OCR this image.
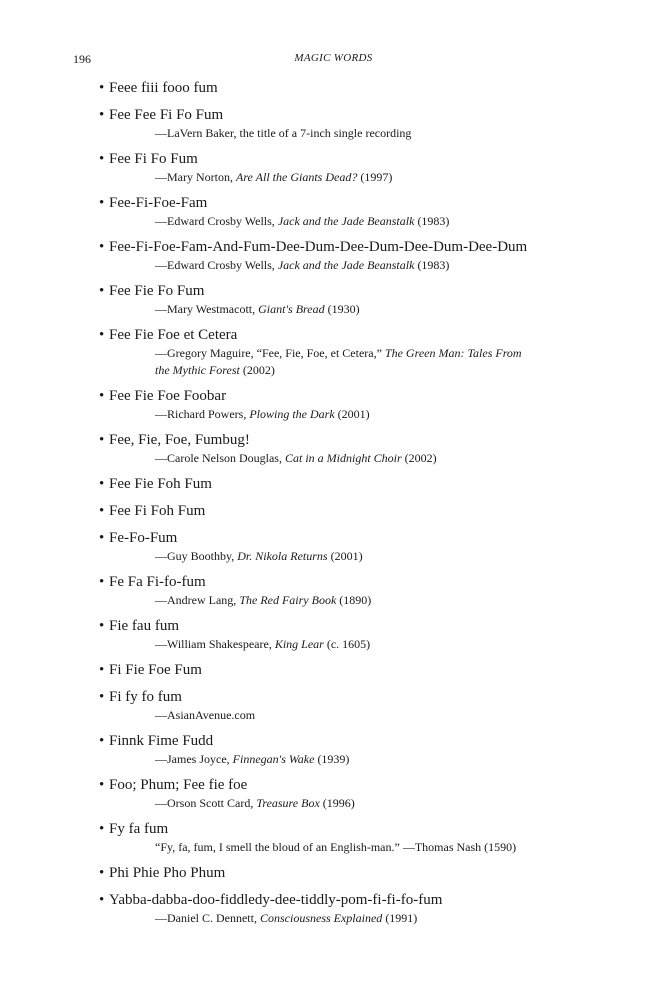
196	MAGIC WORDS
• Feee fiii fooo fum
• Fee Fee Fi Fo Fum
—LaVern Baker, the title of a 7-inch single recording
• Fee Fi Fo Fum
—Mary Norton, Are All the Giants Dead? (1997)
• Fee-Fi-Foe-Fam
—Edward Crosby Wells, Jack and the Jade Beanstalk (1983)
• Fee-Fi-Foe-Fam-And-Fum-Dee-Dum-Dee-Dum-Dee-Dum-Dee-Dum
—Edward Crosby Wells, Jack and the Jade Beanstalk (1983)
• Fee Fie Fo Fum
—Mary Westmacott, Giant's Bread (1930)
• Fee Fie Foe et Cetera
—Gregory Maguire, “Fee, Fie, Foe, et Cetera,” The Green Man: Tales From
the Mythic Forest (2002)
• Fee Fie Foe Foobar
—Richard Powers, Plowing the Dark (2001)
• Fee, Fie, Foe, Fumbug!
—Carole Nelson Douglas, Cat in a Midnight Choir (2002)
• Fee Fie Foh Fum
• Fee Fi Foh Fum
• Fe-Fo-Fum
—Guy Boothby, Dr. Nikola Returns (2001)
• Fe Fa Fi-fo-fum
—Andrew Lang, The Red Fairy Book (1890)
• Fie fau fum
—William Shakespeare, King Lear (c. 1605)
• Fi Fie Foe Fum
• Fi fy fo fum
—AsianAvenue.com
• Finnk Fime Fudd
—James Joyce, Finnegan's Wake (1939)
• Foo; Phum; Fee fie foe
—Orson Scott Card, Treasure Box (1996)
• Fy fa fum
“Fy, fa, fum, I smell the bloud of an English-man.” —Thomas Nash (1590)
• Phi Phie Pho Phum
• Yabba-dabba-doo-fiddledy-dee-tiddly-pom-fi-fi-fo-fum
—Daniel C. Dennett, Consciousness Explained (1991)
